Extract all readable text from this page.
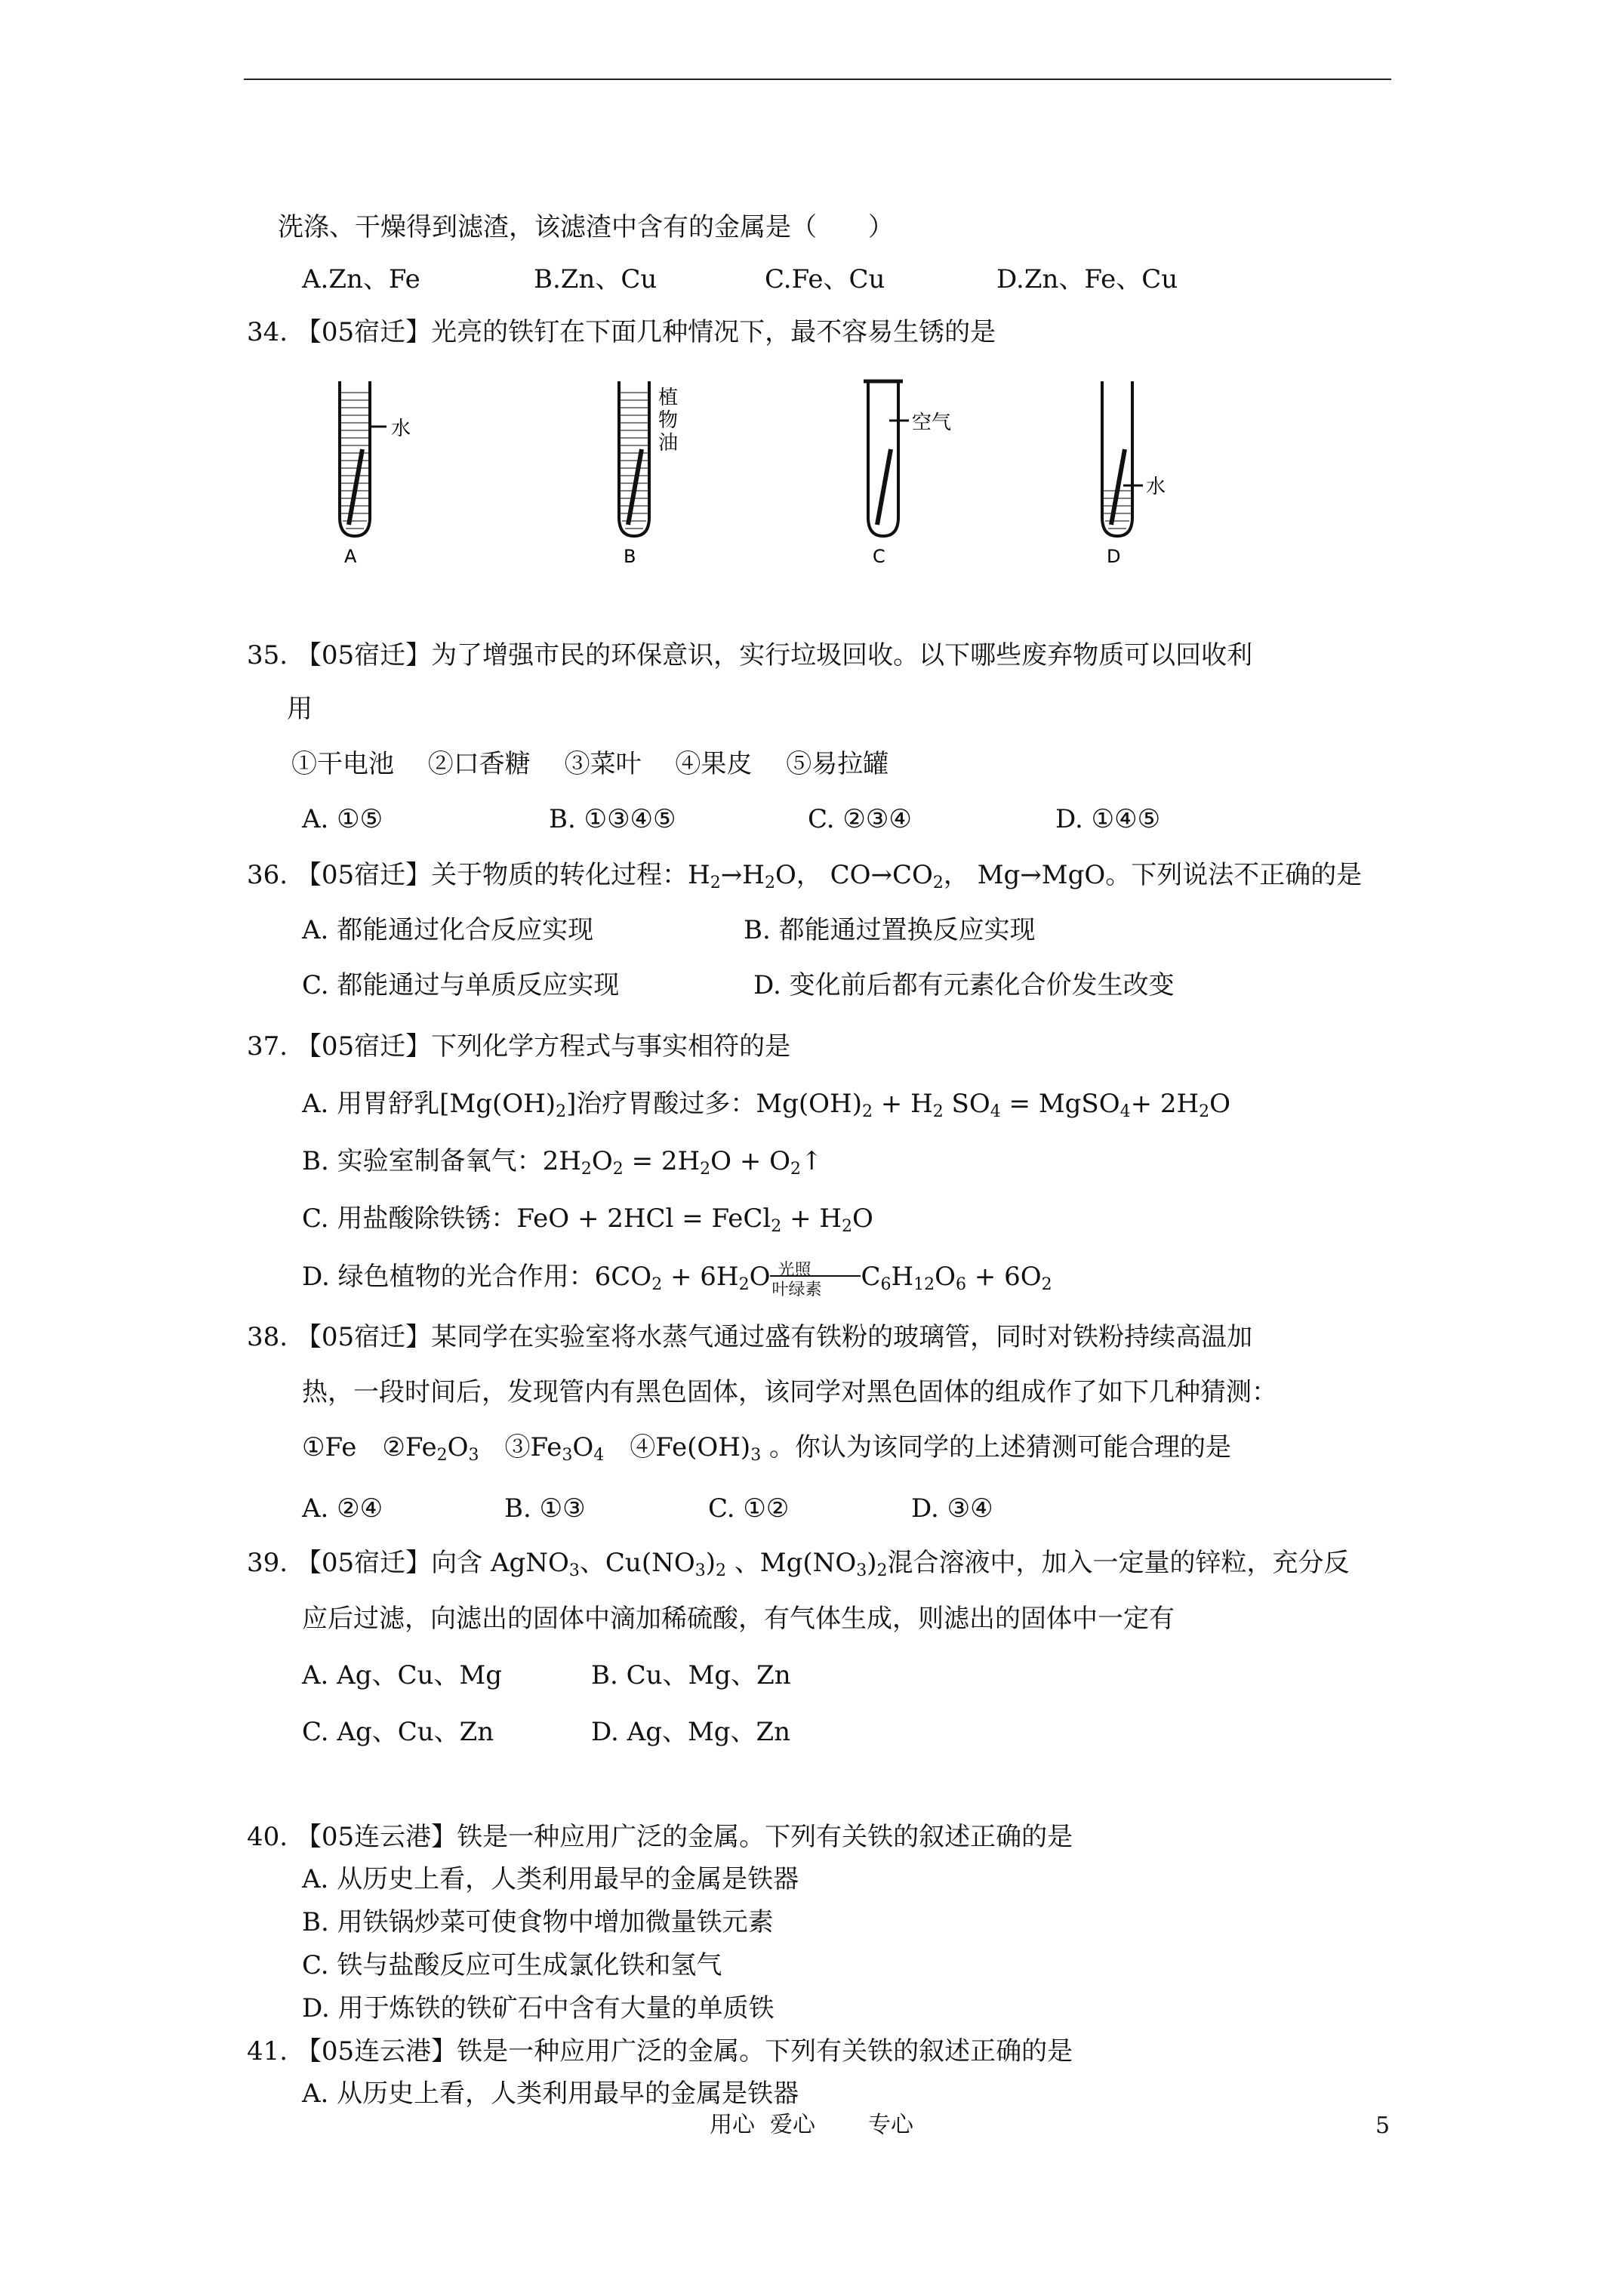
洗涤、干燥得到滤渣，该滤渣中含有的金属是（　　）
A.Zn、Fe	B.Zn、Cu	C.Fe、Cu	D.Zn、Fe、Cu
34. 【05宿迁】光亮的铁钉在下面几种情况下，最不容易生锈的是
水
A
植
物
油
B
空气
C
水
D
35. 【05宿迁】为了增强市民的环保意识，实行垃圾回收。以下哪些废弃物质可以回收利
用
①干电池　 ②口香糖　 ③菜叶　 ④果皮　 ⑤易拉罐
A. ①⑤	B. ①③④⑤	C. ②③④	D. ①④⑤
36. 【05宿迁】关于物质的转化过程：$H_2\to H_2O$， $CO\to CO_2$， Mg→MgO。下列说法不正确的是
A. 都能通过化合反应实现	B. 都能通过置换反应实现
C. 都能通过与单质反应实现	D. 变化前后都有元素化合价发生改变
37. 【05宿迁】下列化学方程式与事实相符的是
A. 用胃舒乳$[Mg(OH)_2]$治疗胃酸过多：$Mg(OH)_2 + H_2$ $SO_4$ = MgSO$_4$+ $2H_2O$
B. 实验室制备氧气：$2H_2O_2 = 2H_2O$ + $O_2↑$
C. 用盐酸除铁锈：FeO + 2HCl = FeCl$_2$ + $H_2O$
D. 绿色植物的光合作用：$6CO_2 + 6H_2O$ 光照
叶绿素 $C_6H_{12}O_6 + 6O_2$
38. 【05宿迁】某同学在实验室将水蒸气通过盛有铁粉的玻璃管，同时对铁粉持续高温加
热，一段时间后，发现管内有黑色固体，该同学对黑色固体的组成作了如下几种猜测：
①Fe　$②Fe_2O_3$　$③Fe_3O_4$　$④Fe(OH)_3$ 。你认为该同学的上述猜测可能合理的是
A. ②④	B. ①③	C. ①②	D. ③④
39. 【05宿迁】向含 AgNO$_3$、$Cu(NO_3)_2$ 、$Mg(NO_3)_2$混合溶液中，加入一定量的锌粒，充分反
应后过滤，向滤出的固体中滴加稀硫酸，有气体生成，则滤出的固体中一定有
A. Ag、Cu、Mg	B. Cu、Mg、Zn
C. Ag、Cu、Zn	D. Ag、Mg、Zn
40. 【05连云港】铁是一种应用广泛的金属。下列有关铁的叙述正确的是
A. 从历史上看，人类利用最早的金属是铁器
B. 用铁锅炒菜可使食物中增加微量铁元素
C. 铁与盐酸反应可生成氯化铁和氢气
D. 用于炼铁的铁矿石中含有大量的单质铁
41. 【05连云港】铁是一种应用广泛的金属。下列有关铁的叙述正确的是
A. 从历史上看，人类利用最早的金属是铁器
用心 爱心 专心	5
